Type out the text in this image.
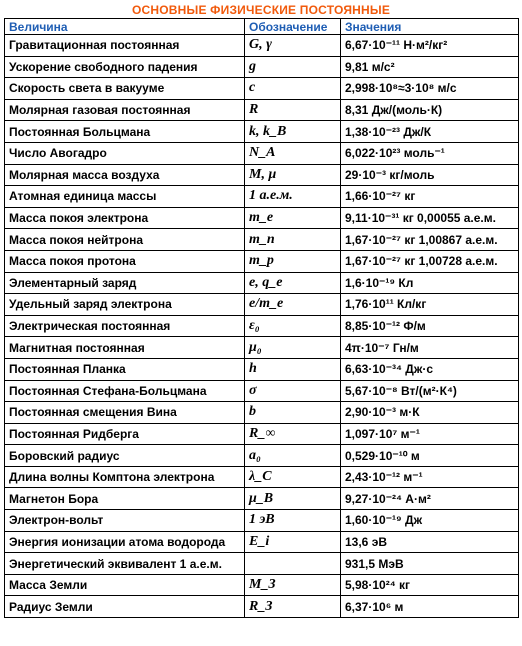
ОСНОВНЫЕ ФИЗИЧЕСКИЕ ПОСТОЯННЫЕ
Величина	Обозначение	Значения
Гравитационная постоянная	G, γ	6,67·10⁻¹¹ Н·м²/кг²
Ускорение свободного падения	g	9,81 м/с²
Скорость света в вакууме	c	2,998·10⁸≈3·10⁸ м/с
Молярная газовая постоянная	R	8,31 Дж/(моль·К)
Постоянная Больцмана	k, k_B	1,38·10⁻²³ Дж/К
Число Авогадро	N_A	6,022·10²³ моль⁻¹
Молярная масса воздуха	M, μ	29·10⁻³ кг/моль
Атомная единица массы	1 а.е.м.	1,66·10⁻²⁷ кг
Масса покоя электрона	m_e	9,11·10⁻³¹ кг 0,00055 а.е.м.
Масса покоя нейтрона	m_n	1,67·10⁻²⁷ кг 1,00867 а.е.м.
Масса покоя протона	m_p	1,67·10⁻²⁷ кг 1,00728 а.е.м.
Элементарный заряд	e, q_e	1,6·10⁻¹⁹ Кл
Удельный заряд электрона	e/m_e	1,76·10¹¹ Кл/кг
Электрическая постоянная	ε₀	8,85·10⁻¹² Ф/м
Магнитная постоянная	μ₀	4π·10⁻⁷ Гн/м
Постоянная Планка	h	6,63·10⁻³⁴ Дж·с
Постоянная Стефана-Больцмана	σ	5,67·10⁻⁸ Вт/(м²·К⁴)
Постоянная смещения Вина	b	2,90·10⁻³ м·К
Постоянная Ридберга	R_∞	1,097·10⁷ м⁻¹
Боровский радиус	a₀	0,529·10⁻¹⁰ м
Длина волны Комптона электрона	λ_C	2,43·10⁻¹² м⁻¹
Магнетон Бора	μ_B	9,27·10⁻²⁴ А·м²
Электрон-вольт	1 эВ	1,60·10⁻¹⁹ Дж
Энергия ионизации атома водорода	E_i	13,6 эВ
Энергетический эквивалент 1 а.е.м.		931,5 МэВ
Масса Земли	M_З	5,98·10²⁴ кг
Радиус Земли	R_З	6,37·10⁶ м
